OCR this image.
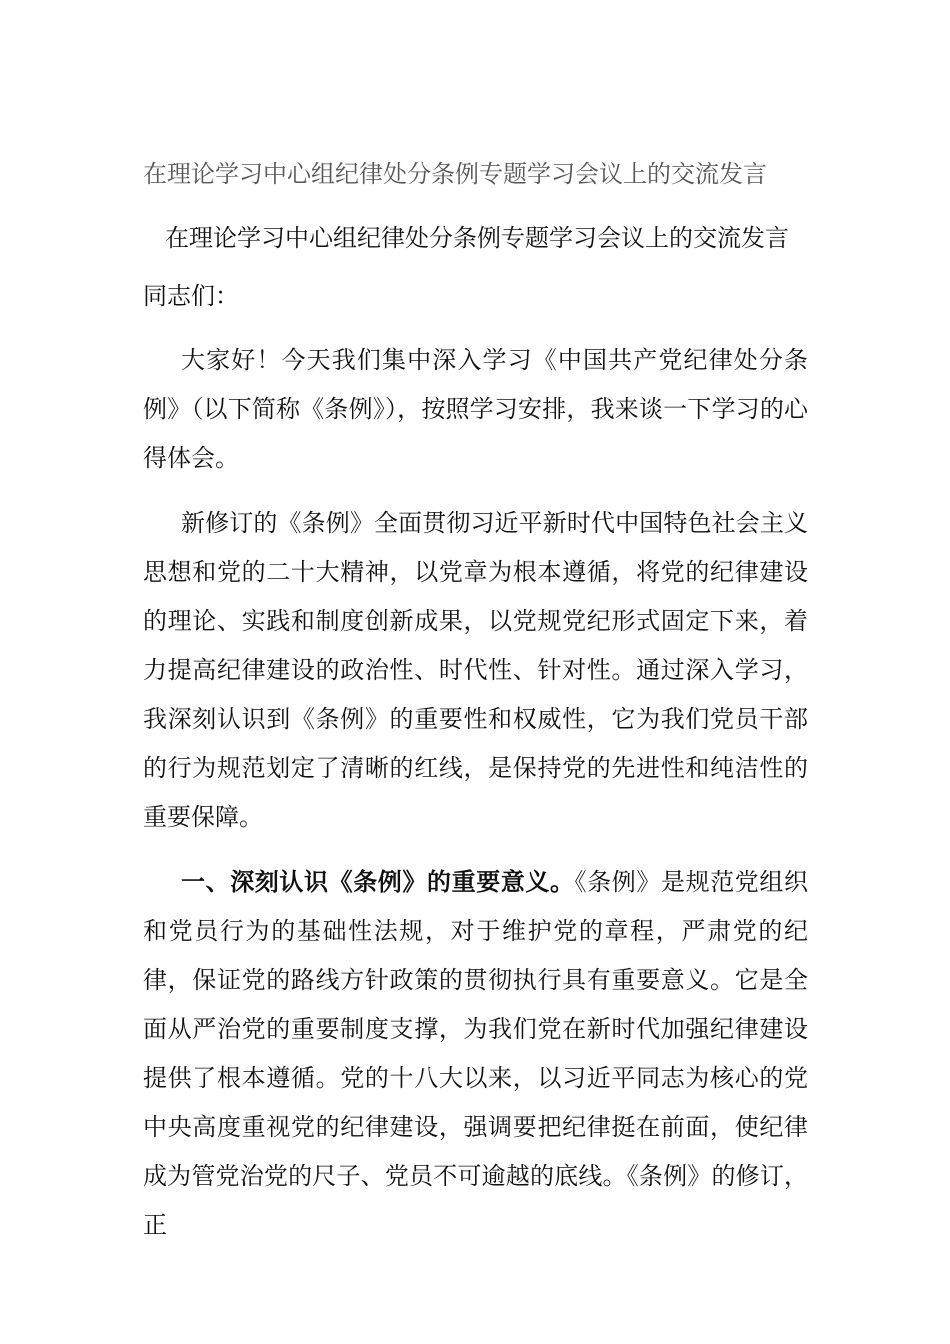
在理论学习中心组纪律处分条例专题学习会议上的交流发言
在理论学习中心组纪律处分条例专题学习会议上的交流发言

同志们：

大家好！今天我们集中深入学习《中国共产党纪律处分条例》（以下简称《条例》），按照学习安排，我来谈一下学习的心得体会。

新修订的《条例》全面贯彻习近平新时代中国特色社会主义思想和党的二十大精神，以党章为根本遵循，将党的纪律建设的理论、实践和制度创新成果，以党规党纪形式固定下来，着力提高纪律建设的政治性、时代性、针对性。通过深入学习，我深刻认识到《条例》的重要性和权威性，它为我们党员干部的行为规范划定了清晰的红线，是保持党的先进性和纯洁性的重要保障。

一、深刻认识《条例》的重要意义。《条例》是规范党组织和党员行为的基础性法规，对于维护党的章程，严肃党的纪律，保证党的路线方针政策的贯彻执行具有重要意义。它是全面从严治党的重要制度支撑，为我们党在新时代加强纪律建设提供了根本遵循。党的十八大以来，以习近平同志为核心的党中央高度重视党的纪律建设，强调要把纪律挺在前面，使纪律成为管党治党的尺子、党员不可逾越的底线。《条例》的修订，正
